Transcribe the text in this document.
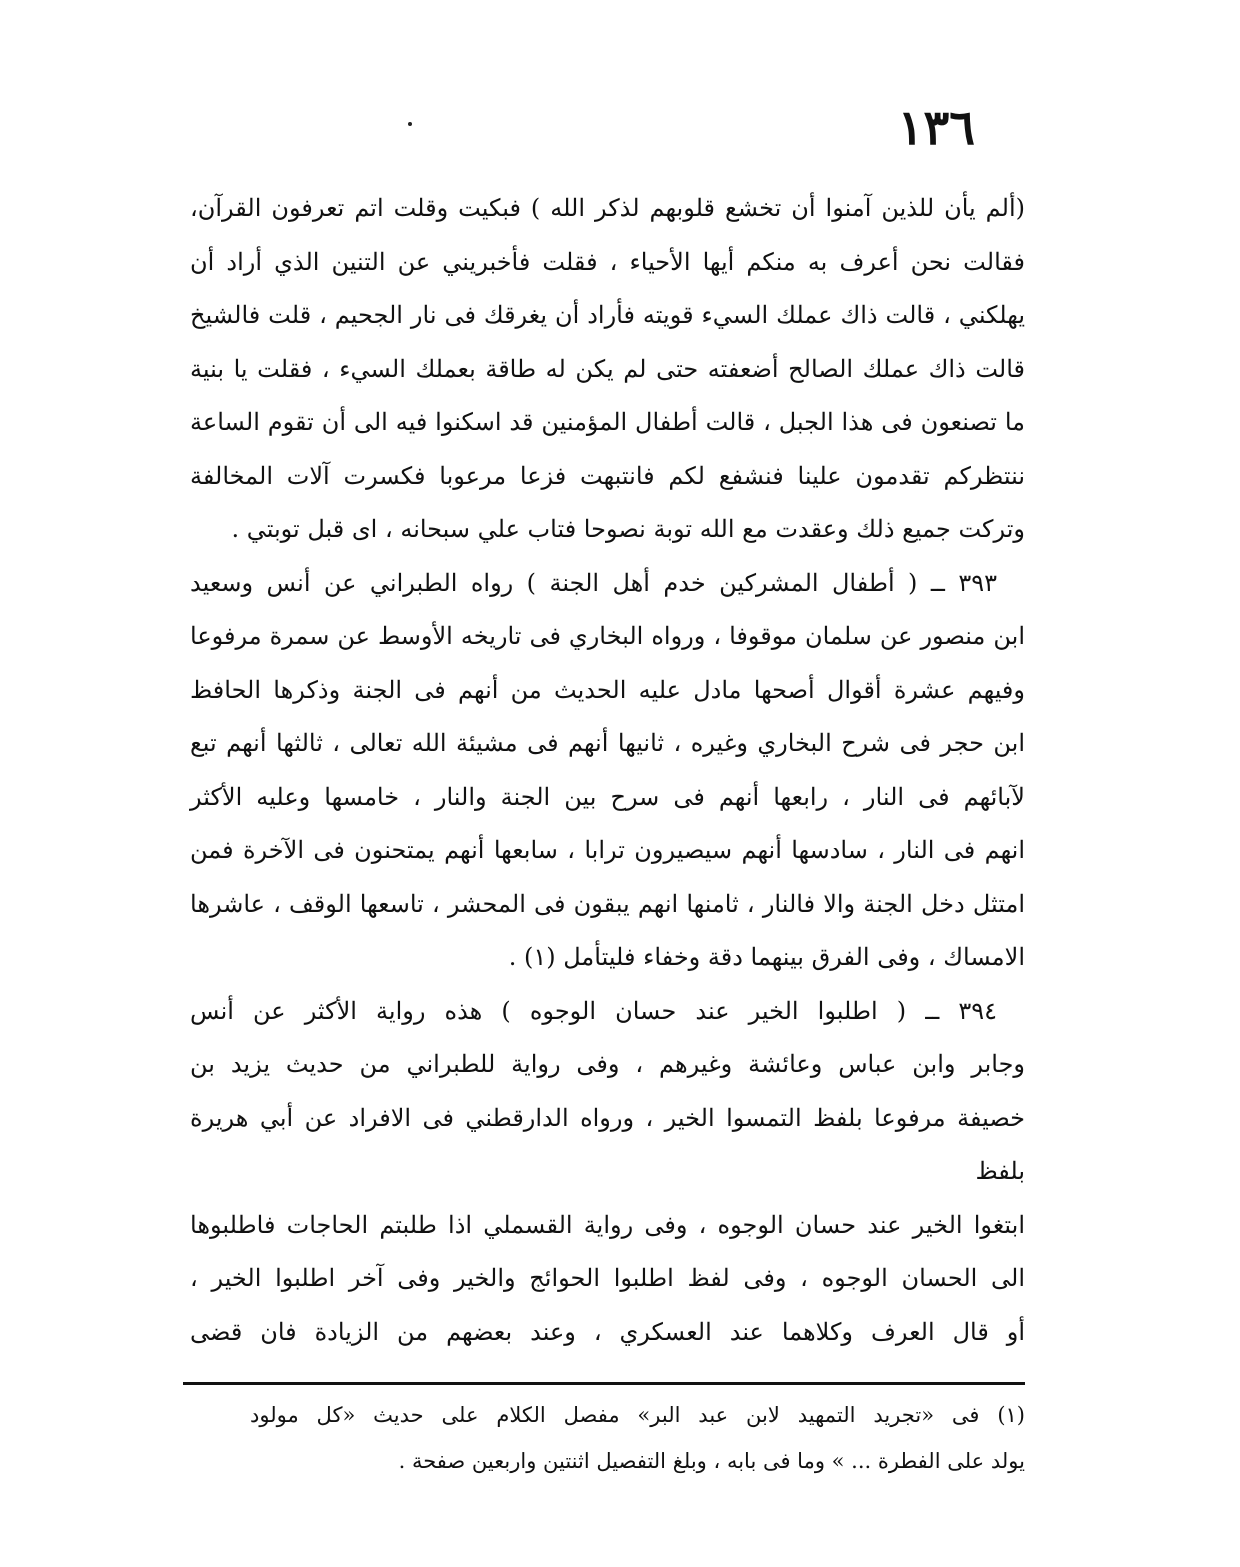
١٣٦

(ألم يأن للذين آمنوا أن تخشع قلوبهم لذكر الله ) فبكيت وقلت اتم تعرفون القرآن،

فقالت نحن أعرف به منكم أيها الأحياء ، فقلت فأخبريني عن التنين الذي أراد أن

يهلكني ، قالت ذاك عملك السيء قويته فأراد أن يغرقك فى نار الجحيم ، قلت فالشيخ

قالت ذاك عملك الصالح أضعفته حتى لم يكن له طاقة بعملك السيء ، فقلت يا بنية

ما تصنعون فى هذا الجبل ، قالت أطفال المؤمنين قد اسكنوا فيه الى أن تقوم الساعة

ننتظركم تقدمون علينا فنشفع لكم فانتبهت فزعا مرعوبا فكسرت آلات المخالفة

وتركت جميع ذلك وعقدت مع الله توبة نصوحا فتاب علي سبحانه ، اى قبل توبتي .

٣٩٣ ــ ( أطفال المشركين خدم أهل الجنة ) رواه الطبراني عن أنس وسعيد

ابن منصور عن سلمان موقوفا ، ورواه البخاري فى تاريخه الأوسط عن سمرة مرفوعا

وفيهم عشرة أقوال أصحها مادل عليه الحديث من أنهم فى الجنة وذكرها الحافظ

ابن حجر فى شرح البخاري وغيره ، ثانيها أنهم فى مشيئة الله تعالى ، ثالثها أنهم تبع

لآبائهم فى النار ، رابعها أنهم فى سرح بين الجنة والنار ، خامسها وعليه الأكثر

انهم فى النار ، سادسها أنهم سيصيرون ترابا ، سابعها أنهم يمتحنون فى الآخرة فمن

امتثل دخل الجنة والا فالنار ، ثامنها انهم يبقون فى المحشر ، تاسعها الوقف ، عاشرها

الامساك ، وفى الفرق بينهما دقة وخفاء فليتأمل (١) .

٣٩٤ ــ ( اطلبوا الخير عند حسان الوجوه ) هذه رواية الأكثر عن أنس

وجابر وابن عباس وعائشة وغيرهم ، وفى رواية للطبراني من حديث يزيد بن

خصيفة مرفوعا بلفظ التمسوا الخير ، ورواه الدارقطني فى الافراد عن أبي هريرة بلفظ

ابتغوا الخير عند حسان الوجوه ، وفى رواية القسملي اذا طلبتم الحاجات فاطلبوها

الى الحسان الوجوه ، وفى لفظ اطلبوا الحوائج والخير وفى آخر اطلبوا الخير ،

أو قال العرف وكلاهما عند العسكري ، وعند بعضهم من الزيادة فان قضى

(١) فى «تجريد التمهيد لابن عبد البر» مفصل الكلام على حديث «كل مولود

يولد على الفطرة ... » وما فى بابه ، وبلغ التفصيل اثنتين واربعين صفحة .
